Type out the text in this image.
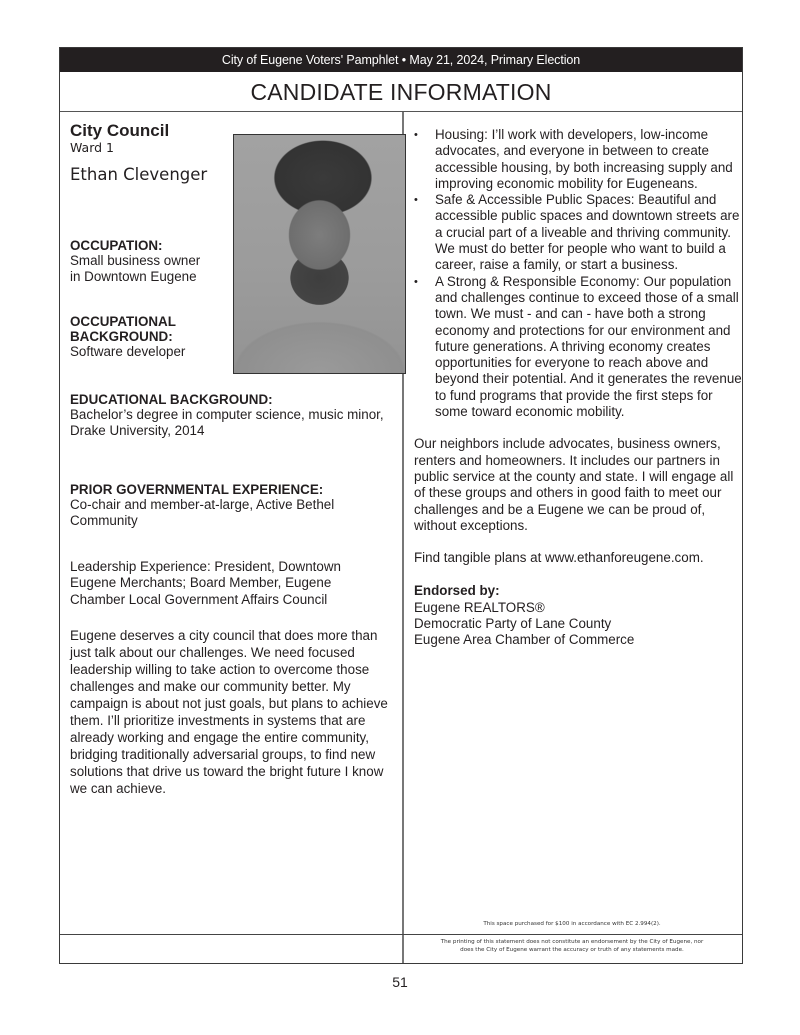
City of Eugene Voters' Pamphlet • May 21, 2024, Primary Election
CANDIDATE INFORMATION
City Council
Ward 1
Ethan Clevenger
OCCUPATION:
Small business owner
in Downtown Eugene
OCCUPATIONAL
BACKGROUND:
Software developer
EDUCATIONAL BACKGROUND:
Bachelor’s degree in computer science, music minor, Drake University, 2014
PRIOR GOVERNMENTAL EXPERIENCE:
Co-chair and member-at-large, Active Bethel Community
Leadership Experience: President, Downtown Eugene Merchants; Board Member, Eugene Chamber Local Government Affairs Council
Eugene deserves a city council that does more than just talk about our challenges. We need focused leadership willing to take action to overcome those challenges and make our community better. My campaign is about not just goals, but plans to achieve them. I’ll prioritize investments in systems that are already working and engage the entire community, bridging traditionally adversarial groups, to find new solutions that drive us toward the bright future I know we can achieve.
• Housing: I’ll work with developers, low-income advocates, and everyone in between to create accessible housing, by both increasing supply and improving economic mobility for Eugeneans.
• Safe & Accessible Public Spaces: Beautiful and accessible public spaces and downtown streets are a crucial part of a liveable and thriving community. We must do better for people who want to build a career, raise a family, or start a business.
• A Strong & Responsible Economy: Our population and challenges continue to exceed those of a small town. We must - and can - have both a strong economy and protections for our environment and future generations. A thriving economy creates opportunities for everyone to reach above and beyond their potential. And it generates the revenue to fund programs that provide the first steps for some toward economic mobility.
Our neighbors include advocates, business owners, renters and homeowners. It includes our partners in public service at the county and state. I will engage all of these groups and others in good faith to meet our challenges and be a Eugene we can be proud of, without exceptions.
Find tangible plans at www.ethanforeugene.com.
Endorsed by:
Eugene REALTORS®
Democratic Party of Lane County
Eugene Area Chamber of Commerce
This space purchased for $100 in accordance with EC 2.994(2).
The printing of this statement does not constitute an endorsement by the City of Eugene, nor
does the City of Eugene warrant the accuracy or truth of any statements made.
51
